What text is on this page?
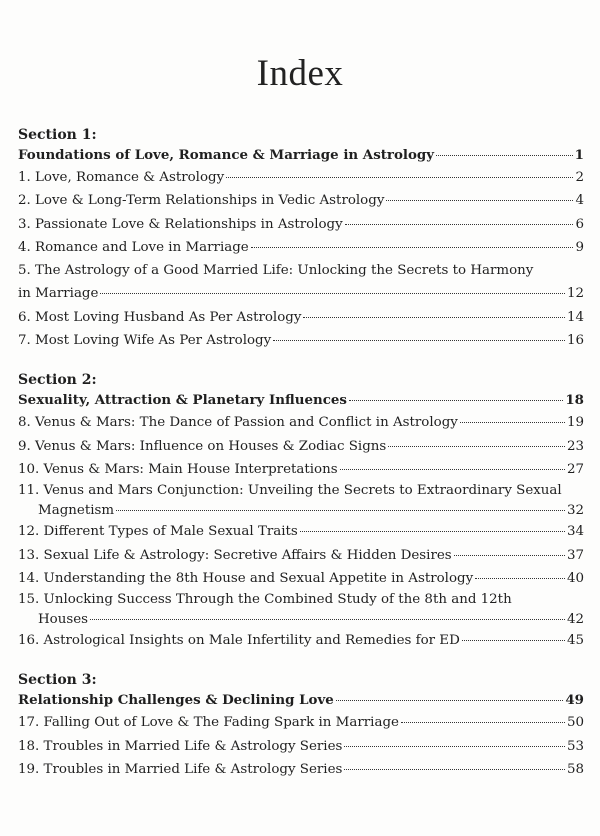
Index
Section 1:
Foundations of Love, Romance & Marriage in Astrology	1
1. Love, Romance & Astrology	2
2. Love & Long-Term Relationships in Vedic Astrology	4
3. Passionate Love & Relationships in Astrology	6
4. Romance and Love in Marriage	9
5. The Astrology of a Good Married Life: Unlocking the Secrets to Harmony
in Marriage	12
6. Most Loving Husband As Per Astrology	14
7. Most Loving Wife As Per Astrology	16
Section 2:
Sexuality, Attraction & Planetary Influences	18
8. Venus & Mars: The Dance of Passion and Conflict in Astrology	19
9. Venus & Mars: Influence on Houses & Zodiac Signs	23
10. Venus & Mars: Main House Interpretations	27
11. Venus and Mars Conjunction: Unveiling the Secrets to Extraordinary Sexual
Magnetism	32
12. Different Types of Male Sexual Traits	34
13. Sexual Life & Astrology: Secretive Affairs & Hidden Desires	37
14. Understanding the 8th House and Sexual Appetite in Astrology	40
15. Unlocking Success Through the Combined Study of the 8th and 12th
Houses	42
16. Astrological Insights on Male Infertility and Remedies for ED	45
Section 3:
Relationship Challenges & Declining Love	49
17. Falling Out of Love & The Fading Spark in Marriage	50
18. Troubles in Married Life & Astrology Series	53
19. Troubles in Married Life & Astrology Series	58
